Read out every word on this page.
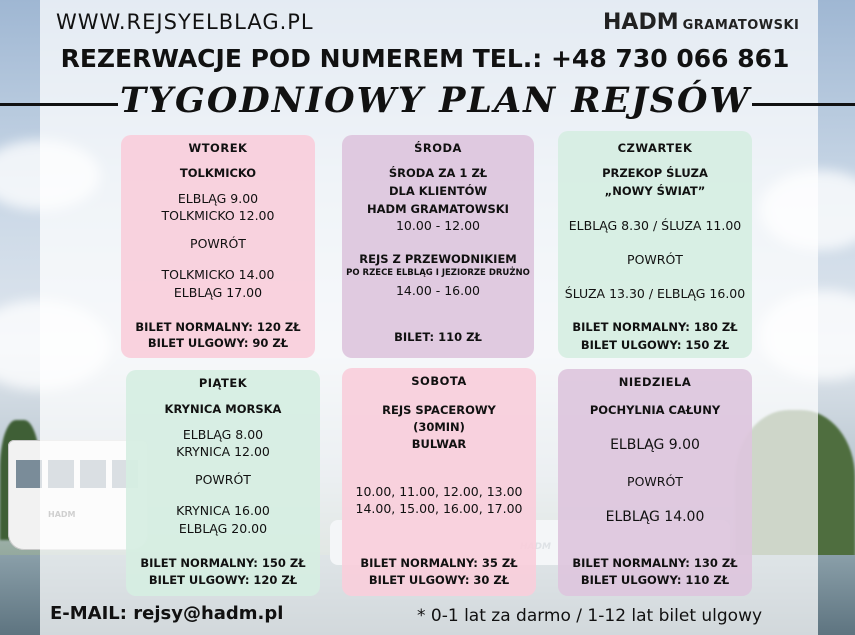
WWW.REJSYELBLAG.PL	HADM GRAMATOWSKI
REZERWACJE POD NUMEREM TEL.: +48 730 066 861
TYGODNIOWY PLAN REJSÓW
WTOREK
TOLKMICKO
ELBLĄG 9.00
TOLKMICKO 12.00
POWRÓT
TOLKMICKO 14.00
ELBLĄG 17.00
BILET NORMALNY: 120 ZŁ
BILET ULGOWY: 90 ZŁ
ŚRODA
ŚRODA ZA 1 ZŁ
DLA KLIENTÓW
HADM GRAMATOWSKI
10.00 - 12.00
REJS Z PRZEWODNIKIEM
PO RZECE ELBLĄG I JEZIORZE DRUŻNO
14.00 - 16.00
BILET: 110 ZŁ
CZWARTEK
PRZEKOP ŚLUZA
„NOWY ŚWIAT”
ELBLĄG 8.30 / ŚLUZA 11.00
POWRÓT
ŚLUZA 13.30 / ELBLĄG 16.00
BILET NORMALNY: 180 ZŁ
BILET ULGOWY: 150 ZŁ
PIĄTEK
KRYNICA MORSKA
ELBLĄG 8.00
KRYNICA 12.00
POWRÓT
KRYNICA 16.00
ELBLĄG 20.00
BILET NORMALNY: 150 ZŁ
BILET ULGOWY: 120 ZŁ
SOBOTA
REJS SPACEROWY
(30MIN)
BULWAR
10.00, 11.00, 12.00, 13.00
14.00, 15.00, 16.00, 17.00
BILET NORMALNY: 35 ZŁ
BILET ULGOWY: 30 ZŁ
NIEDZIELA
POCHYLNIA CAŁUNY
ELBLĄG 9.00
POWRÓT
ELBLĄG 14.00
BILET NORMALNY: 130 ZŁ
BILET ULGOWY: 110 ZŁ
E-MAIL: rejsy@hadm.pl	* 0-1 lat za darmo / 1-12 lat bilet ulgowy
